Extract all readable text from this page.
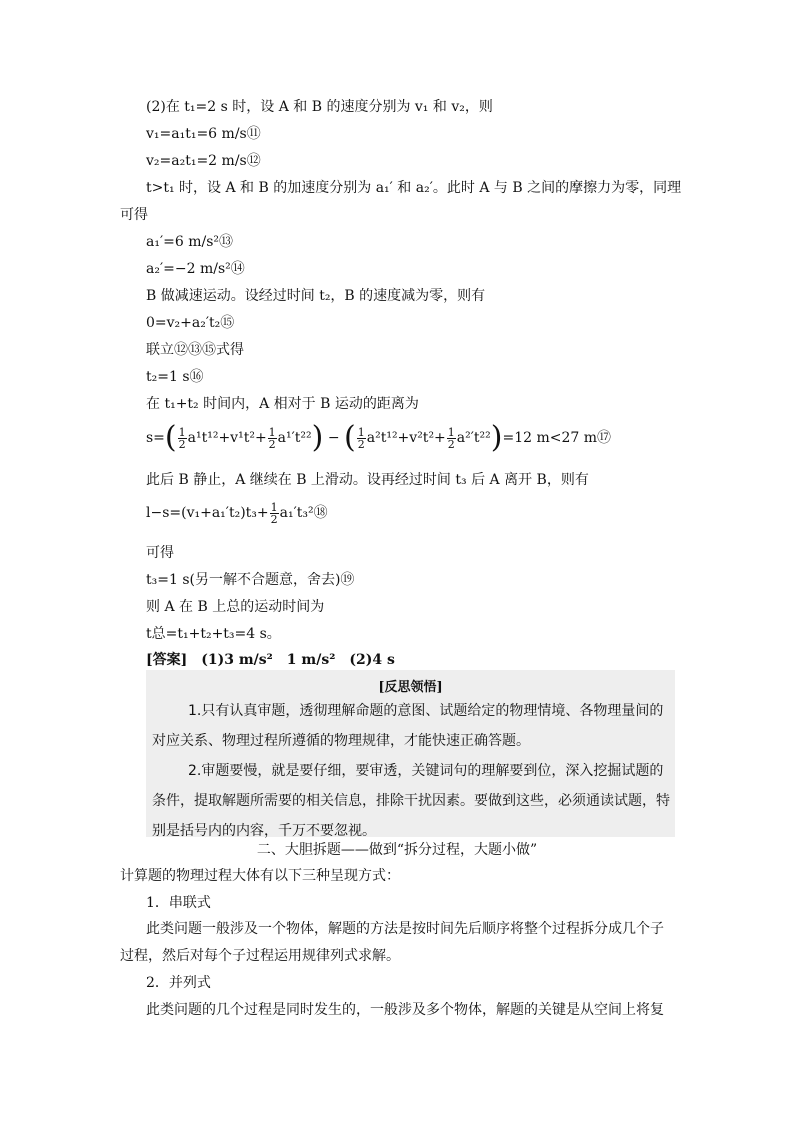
(2)在 t₁=2 s 时，设 A 和 B 的速度分别为 v₁ 和 v₂，则
v₁=a₁t₁=6 m/s⑪
v₂=a₂t₁=2 m/s⑫
t>t₁ 时，设 A 和 B 的加速度分别为 a₁′ 和 a₂′。此时 A 与 B 之间的摩擦力为零，同理
可得
a₁′=6 m/s²⑬
a₂′=−2 m/s²⑭
B 做减速运动。设经过时间 t₂，B 的速度减为零，则有
0=v₂+a₂′t₂⑮
联立⑫⑬⑮式得
t₂=1 s⑯
在 t₁+t₂ 时间内，A 相对于 B 运动的距离为
$s=( \frac{1}{2} a^1t^{12}+v^1t^2+ \frac{1}{2} a^1't^{22})$ − ( $\frac{1}{2} a^2t^{12}+v^2t^2+ \frac{1}{2} a^2't^{22})=12$ m<27 m⑰
此后 B 静止，A 继续在 B 上滑动。设再经过时间 t₃ 后 A 离开 B，则有
$l-s=(v_1+a_1't_2)t_3+ \frac{1}{2}$ a₁′t₃²⑱
可得
t₃=1 s(另一解不合题意，舍去)⑲
则 A 在 B 上总的运动时间为
t总=t₁+t₂+t₃=4 s。
[答案]　(1)3 m/s²　1 m/s²　(2)4 s
[反思领悟]
1.只有认真审题，透彻理解命题的意图、试题给定的物理情境、各物理量间的对应关系、物理过程所遵循的物理规律，才能快速正确答题。
2.审题要慢，就是要仔细，要审透，关键词句的理解要到位，深入挖掘试题的条件，提取解题所需要的相关信息，排除干扰因素。要做到这些，必须通读试题，特别是括号内的内容，千万不要忽视。
二、大胆拆题——做到“拆分过程，大题小做”
计算题的物理过程大体有以下三种呈现方式：
1．串联式
此类问题一般涉及一个物体，解题的方法是按时间先后顺序将整个过程拆分成几个子
过程，然后对每个子过程运用规律列式求解。
2．并列式
此类问题的几个过程是同时发生的，一般涉及多个物体，解题的关键是从空间上将复
